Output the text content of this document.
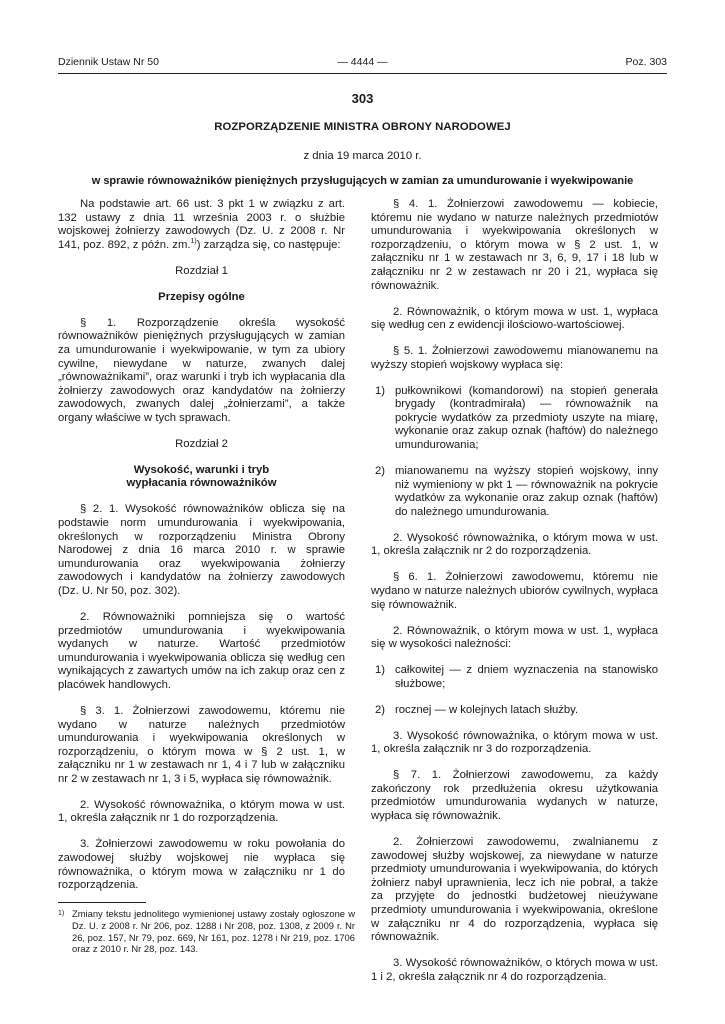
Dziennik Ustaw Nr 50	— 4444 —	Poz. 303
303
ROZPORZĄDZENIE MINISTRA OBRONY NARODOWEJ
z dnia 19 marca 2010 r.
w sprawie równoważników pieniężnych przysługujących w zamian za umundurowanie i wyekwipowanie

Na podstawie art. 66 ust. 3 pkt 1 w związku z art. 132 ustawy z dnia 11 września 2003 r. o służbie wojskowej żołnierzy zawodowych (Dz. U. z 2008 r. Nr 141, poz. 892, z późn. zm.$^{1)}$) zarządza się, co następuje:

Rozdział 1

Przepisy ogólne

§ 1. Rozporządzenie określa wysokość równoważników pieniężnych przysługujących w zamian za umundurowanie i wyekwipowanie, w tym za ubiory cywilne, niewydane w naturze, zwanych dalej „równoważnikami”, oraz warunki i tryb ich wypłacania dla żołnierzy zawodowych oraz kandydatów na żołnierzy zawodowych, zwanych dalej „żołnierzami”, a także organy właściwe w tych sprawach.

Rozdział 2

Wysokość, warunki i tryb wypłacania równoważników

§ 2. 1. Wysokość równoważników oblicza się na podstawie norm umundurowania i wyekwipowania, określonych w rozporządzeniu Ministra Obrony Narodowej z dnia 16 marca 2010 r. w sprawie umundurowania oraz wyekwipowania żołnierzy zawodowych i kandydatów na żołnierzy zawodowych (Dz. U. Nr 50, poz. 302).

2. Równoważniki pomniejsza się o wartość przedmiotów umundurowania i wyekwipowania wydanych w naturze. Wartość przedmiotów umundurowania i wyekwipowania oblicza się według cen wynikających z zawartych umów na ich zakup oraz cen z placówek handlowych.

§ 3. 1. Żołnierzowi zawodowemu, któremu nie wydano w naturze należnych przedmiotów umundurowania i wyekwipowania określonych w rozporządzeniu, o którym mowa w § 2 ust. 1, w załączniku nr 1 w zestawach nr 1, 4 i 7 lub w załączniku nr 2 w zestawach nr 1, 3 i 5, wypłaca się równoważnik.

2. Wysokość równoważnika, o którym mowa w ust. 1, określa załącznik nr 1 do rozporządzenia.

3. Żołnierzowi zawodowemu w roku powołania do zawodowej służby wojskowej nie wypłaca się równoważnika, o którym mowa w załączniku nr 1 do rozporządzenia.

1) Zmiany tekstu jednolitego wymienionej ustawy zostały ogłoszone w Dz. U. z 2008 r. Nr 206, poz. 1288 i Nr 208, poz. 1308, z 2009 r. Nr 26, poz. 157, Nr 79, poz. 669, Nr 161, poz. 1278 i Nr 219, poz. 1706 oraz z 2010 r. Nr 28, poz. 143.

§ 4. 1. Żołnierzowi zawodowemu — kobiecie, któremu nie wydano w naturze należnych przedmiotów umundurowania i wyekwipowania określonych w rozporządzeniu, o którym mowa w § 2 ust. 1, w załączniku nr 1 w zestawach nr 3, 6, 9, 17 i 18 lub w załączniku nr 2 w zestawach nr 20 i 21, wypłaca się równoważnik.

2. Równoważnik, o którym mowa w ust. 1, wypłaca się według cen z ewidencji ilościowo-wartościowej.

§ 5. 1. Żołnierzowi zawodowemu mianowanemu na wyższy stopień wojskowy wypłaca się:

1) pułkownikowi (komandorowi) na stopień generała brygady (kontradmirała) — równoważnik na pokrycie wydatków za przedmioty uszyte na miarę, wykonanie oraz zakup oznak (haftów) do należnego umundurowania;

2) mianowanemu na wyższy stopień wojskowy, inny niż wymieniony w pkt 1 — równoważnik na pokrycie wydatków za wykonanie oraz zakup oznak (haftów) do należnego umundurowania.

2. Wysokość równoważnika, o którym mowa w ust. 1, określa załącznik nr 2 do rozporządzenia.

§ 6. 1. Żołnierzowi zawodowemu, któremu nie wydano w naturze należnych ubiorów cywilnych, wypłaca się równoważnik.

2. Równoważnik, o którym mowa w ust. 1, wypłaca się w wysokości należności:

1) całkowitej — z dniem wyznaczenia na stanowisko służbowe;

2) rocznej — w kolejnych latach służby.

3. Wysokość równoważnika, o którym mowa w ust. 1, określa załącznik nr 3 do rozporządzenia.

§ 7. 1. Żołnierzowi zawodowemu, za każdy zakończony rok przedłużenia okresu użytkowania przedmiotów umundurowania wydanych w naturze, wypłaca się równoważnik.

2. Żołnierzowi zawodowemu, zwalnianemu z zawodowej służby wojskowej, za niewydane w naturze przedmioty umundurowania i wyekwipowania, do których żołnierz nabył uprawnienia, lecz ich nie pobrał, a także za przyjęte do jednostki budżetowej nieużywane przedmioty umundurowania i wyekwipowania, określone w załączniku nr 4 do rozporządzenia, wypłaca się równoważnik.

3. Wysokość równoważników, o których mowa w ust. 1 i 2, określa załącznik nr 4 do rozporządzenia.
